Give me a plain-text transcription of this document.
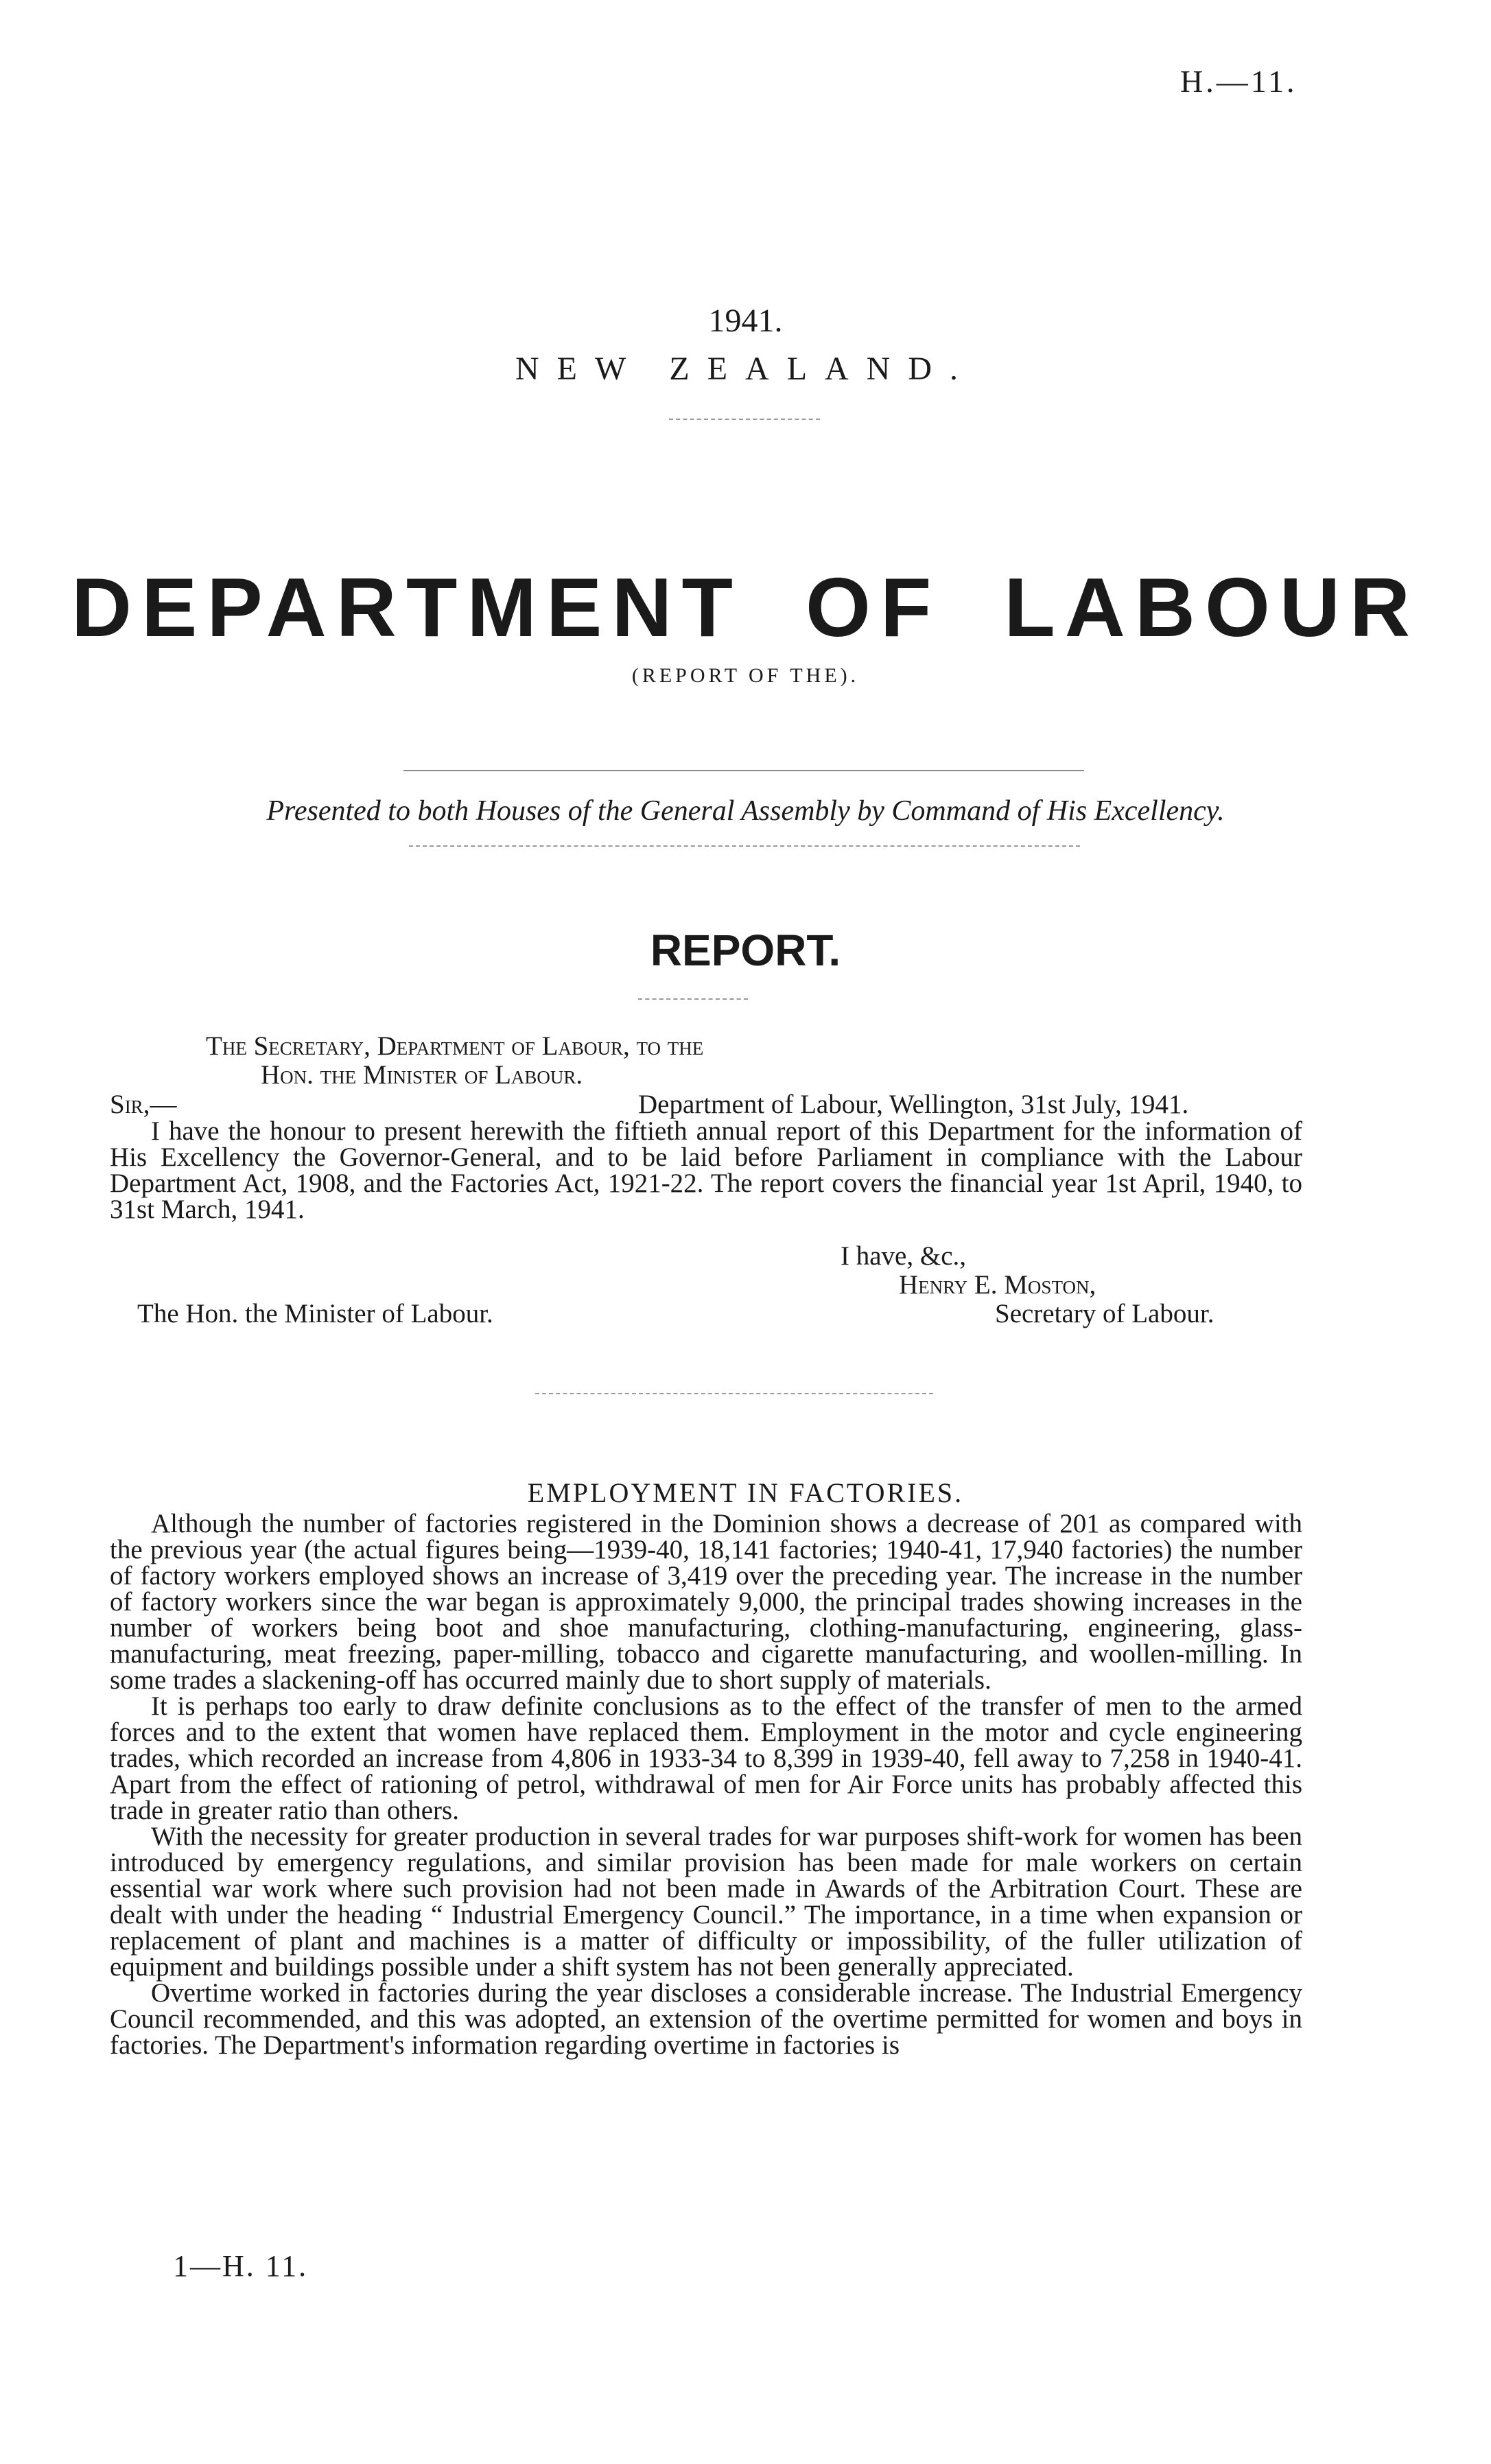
H.—11.
1941.
NEW ZEALAND.
DEPARTMENT OF LABOUR
(REPORT OF THE).
Presented to both Houses of the General Assembly by Command of His Excellency.
REPORT.
The Secretary, Department of Labour, to the
Hon. the Minister of Labour.
Sir,—	Department of Labour, Wellington, 31st July, 1941.

I have the honour to present herewith the fiftieth annual report of this Department for the information of His Excellency the Governor-General, and to be laid before Parliament in compliance with the Labour Department Act, 1908, and the Factories Act, 1921-22. The report covers the financial year 1st April, 1940, to 31st March, 1941.

I have, &c.,
Henry E. Moston,
The Hon. the Minister of Labour.	Secretary of Labour.
EMPLOYMENT IN FACTORIES.

Although the number of factories registered in the Dominion shows a decrease of 201 as compared with the previous year (the actual figures being—1939-40, 18,141 factories; 1940-41, 17,940 factories) the number of factory workers employed shows an increase of 3,419 over the preceding year. The increase in the number of factory workers since the war began is approximately 9,000, the principal trades showing increases in the number of workers being boot and shoe manufacturing, clothing-manufacturing, engineering, glass-manufacturing, meat freezing, paper-milling, tobacco and cigarette manufacturing, and woollen-milling. In some trades a slackening-off has occurred mainly due to short supply of materials.

It is perhaps too early to draw definite conclusions as to the effect of the transfer of men to the armed forces and to the extent that women have replaced them. Employment in the motor and cycle engineering trades, which recorded an increase from 4,806 in 1933-34 to 8,399 in 1939-40, fell away to 7,258 in 1940-41. Apart from the effect of rationing of petrol, withdrawal of men for Air Force units has probably affected this trade in greater ratio than others.

With the necessity for greater production in several trades for war purposes shift-work for women has been introduced by emergency regulations, and similar provision has been made for male workers on certain essential war work where such provision had not been made in Awards of the Arbitration Court. These are dealt with under the heading “ Industrial Emergency Council.” The importance, in a time when expansion or replacement of plant and machines is a matter of difficulty or impossibility, of the fuller utilization of equipment and buildings possible under a shift system has not been generally appreciated.

Overtime worked in factories during the year discloses a considerable increase. The Industrial Emergency Council recommended, and this was adopted, an extension of the overtime permitted for women and boys in factories. The Department's information regarding overtime in factories is

1—H. 11.
